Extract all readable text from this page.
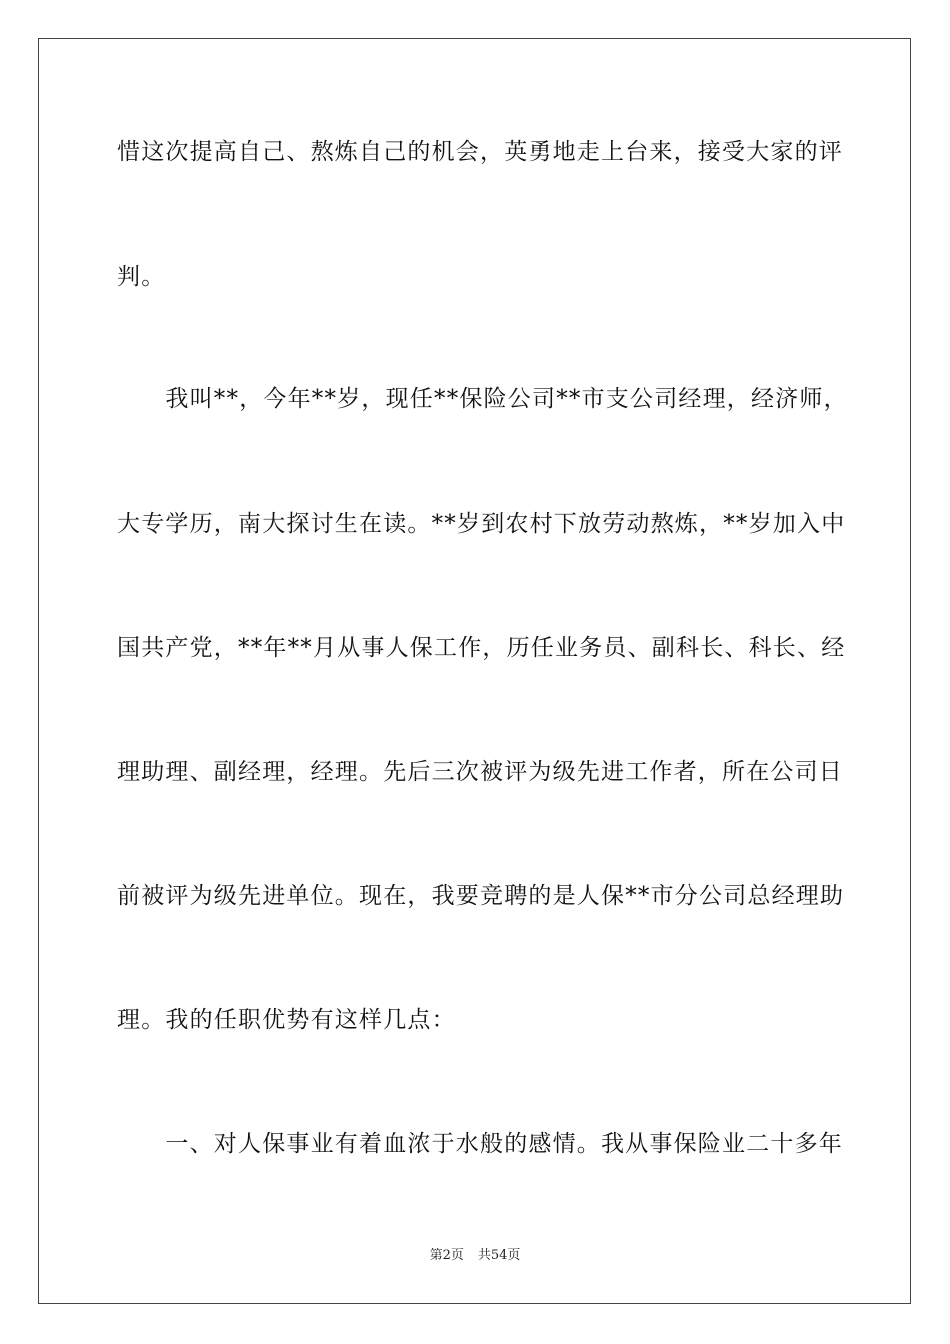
惜这次提高自己、熬炼自己的机会，英勇地走上台来，接受大家的评
判。
　　我叫**，今年**岁，现任**保险公司**市支公司经理，经济师，
大专学历，南大探讨生在读。**岁到农村下放劳动熬炼，**岁加入中
国共产党，**年**月从事人保工作，历任业务员、副科长、科长、经
理助理、副经理，经理。先后三次被评为级先进工作者，所在公司日
前被评为级先进单位。现在，我要竞聘的是人保**市分公司总经理助
理。我的任职优势有这样几点：
　　一、对人保事业有着血浓于水般的感情。我从事保险业二十多年
第2页 共54页
